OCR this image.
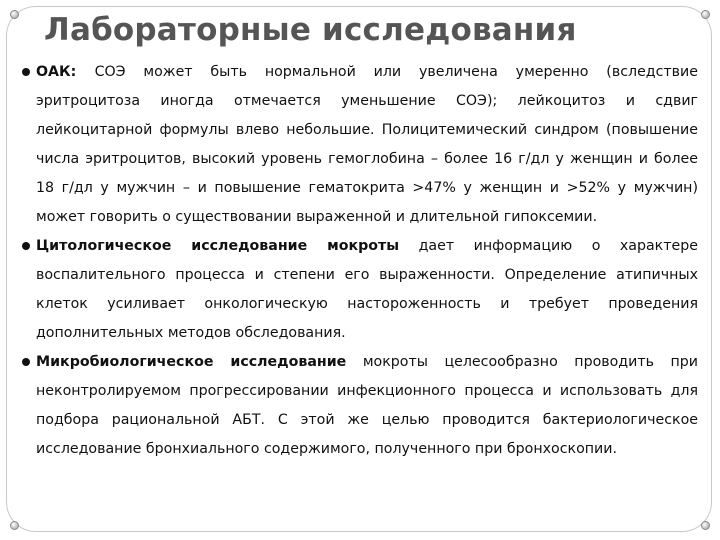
Лабораторные исследования
ОАК: СОЭ может быть нормальной или увеличена умеренно (вследствие эритроцитоза иногда отмечается уменьшение СОЭ); лейкоцитоз и сдвиг лейкоцитарной формулы влево небольшие. Полицитемический синдром (повышение числа эритроцитов, высокий уровень гемоглобина – более 16 г/дл у женщин и более 18 г/дл у мужчин – и повышение гематокрита >47% у женщин и >52% у мужчин) может говорить о существовании выраженной и длительной гипоксемии.
Цитологическое исследование мокроты дает информацию о характере воспалительного процесса и степени его выраженности. Определение атипичных клеток усиливает онкологическую настороженность и требует проведения дополнительных методов обследования.
Микробиологическое исследование мокроты целесообразно проводить при неконтролируемом прогрессировании инфекционного процесса и использовать для подбора рациональной АБТ. С этой же целью проводится бактериологическое исследование бронхиального содержимого, полученного при бронхоскопии.
